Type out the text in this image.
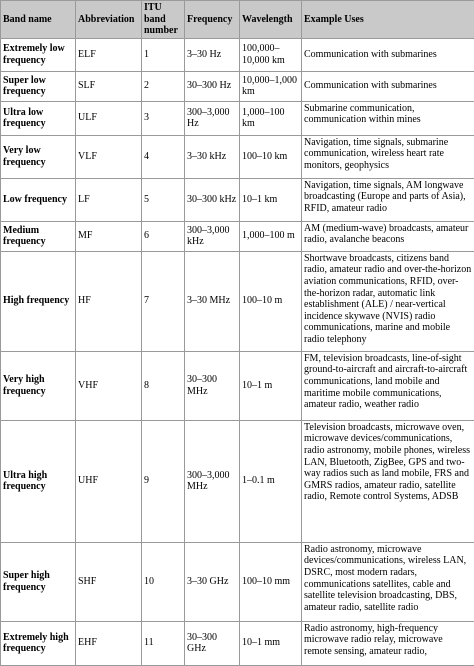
Band name	Abbreviation	ITU band number	Frequency	Wavelength	Example Uses
Extremely low frequency	ELF	1	3–30 Hz	100,000–10,000 km	Communication with submarines
Super low frequency	SLF	2	30–300 Hz	10,000–1,000 km	Communication with submarines
Ultra low frequency	ULF	3	300–3,000 Hz	1,000–100 km	Submarine communication, communication within mines
Very low frequency	VLF	4	3–30 kHz	100–10 km	Navigation, time signals, submarine communication, wireless heart rate monitors, geophysics
Low frequency	LF	5	30–300 kHz	10–1 km	Navigation, time signals, AM longwave broadcasting (Europe and parts of Asia), RFID, amateur radio
Medium frequency	MF	6	300–3,000 kHz	1,000–100 m	AM (medium-wave) broadcasts, amateur radio, avalanche beacons
High frequency	HF	7	3–30 MHz	100–10 m	Shortwave broadcasts, citizens band radio, amateur radio and over-the-horizon aviation communications, RFID, over-the-horizon radar, automatic link establishment (ALE) / near-vertical incidence skywave (NVIS) radio communications, marine and mobile radio telephony
Very high frequency	VHF	8	30–300 MHz	10–1 m	FM, television broadcasts, line-of-sight ground-to-aircraft and aircraft-to-aircraft communications, land mobile and maritime mobile communications, amateur radio, weather radio
Ultra high frequency	UHF	9	300–3,000 MHz	1–0.1 m	Television broadcasts, microwave oven, microwave devices/communications, radio astronomy, mobile phones, wireless LAN, Bluetooth, ZigBee, GPS and two-way radios such as land mobile, FRS and GMRS radios, amateur radio, satellite radio, Remote control Systems, ADSB
Super high frequency	SHF	10	3–30 GHz	100–10 mm	Radio astronomy, microwave devices/communications, wireless LAN, DSRC, most modern radars, communications satellites, cable and satellite television broadcasting, DBS, amateur radio, satellite radio
Extremely high frequency	EHF	11	30–300 GHz	10–1 mm	Radio astronomy, high-frequency microwave radio relay, microwave remote sensing, amateur radio,
